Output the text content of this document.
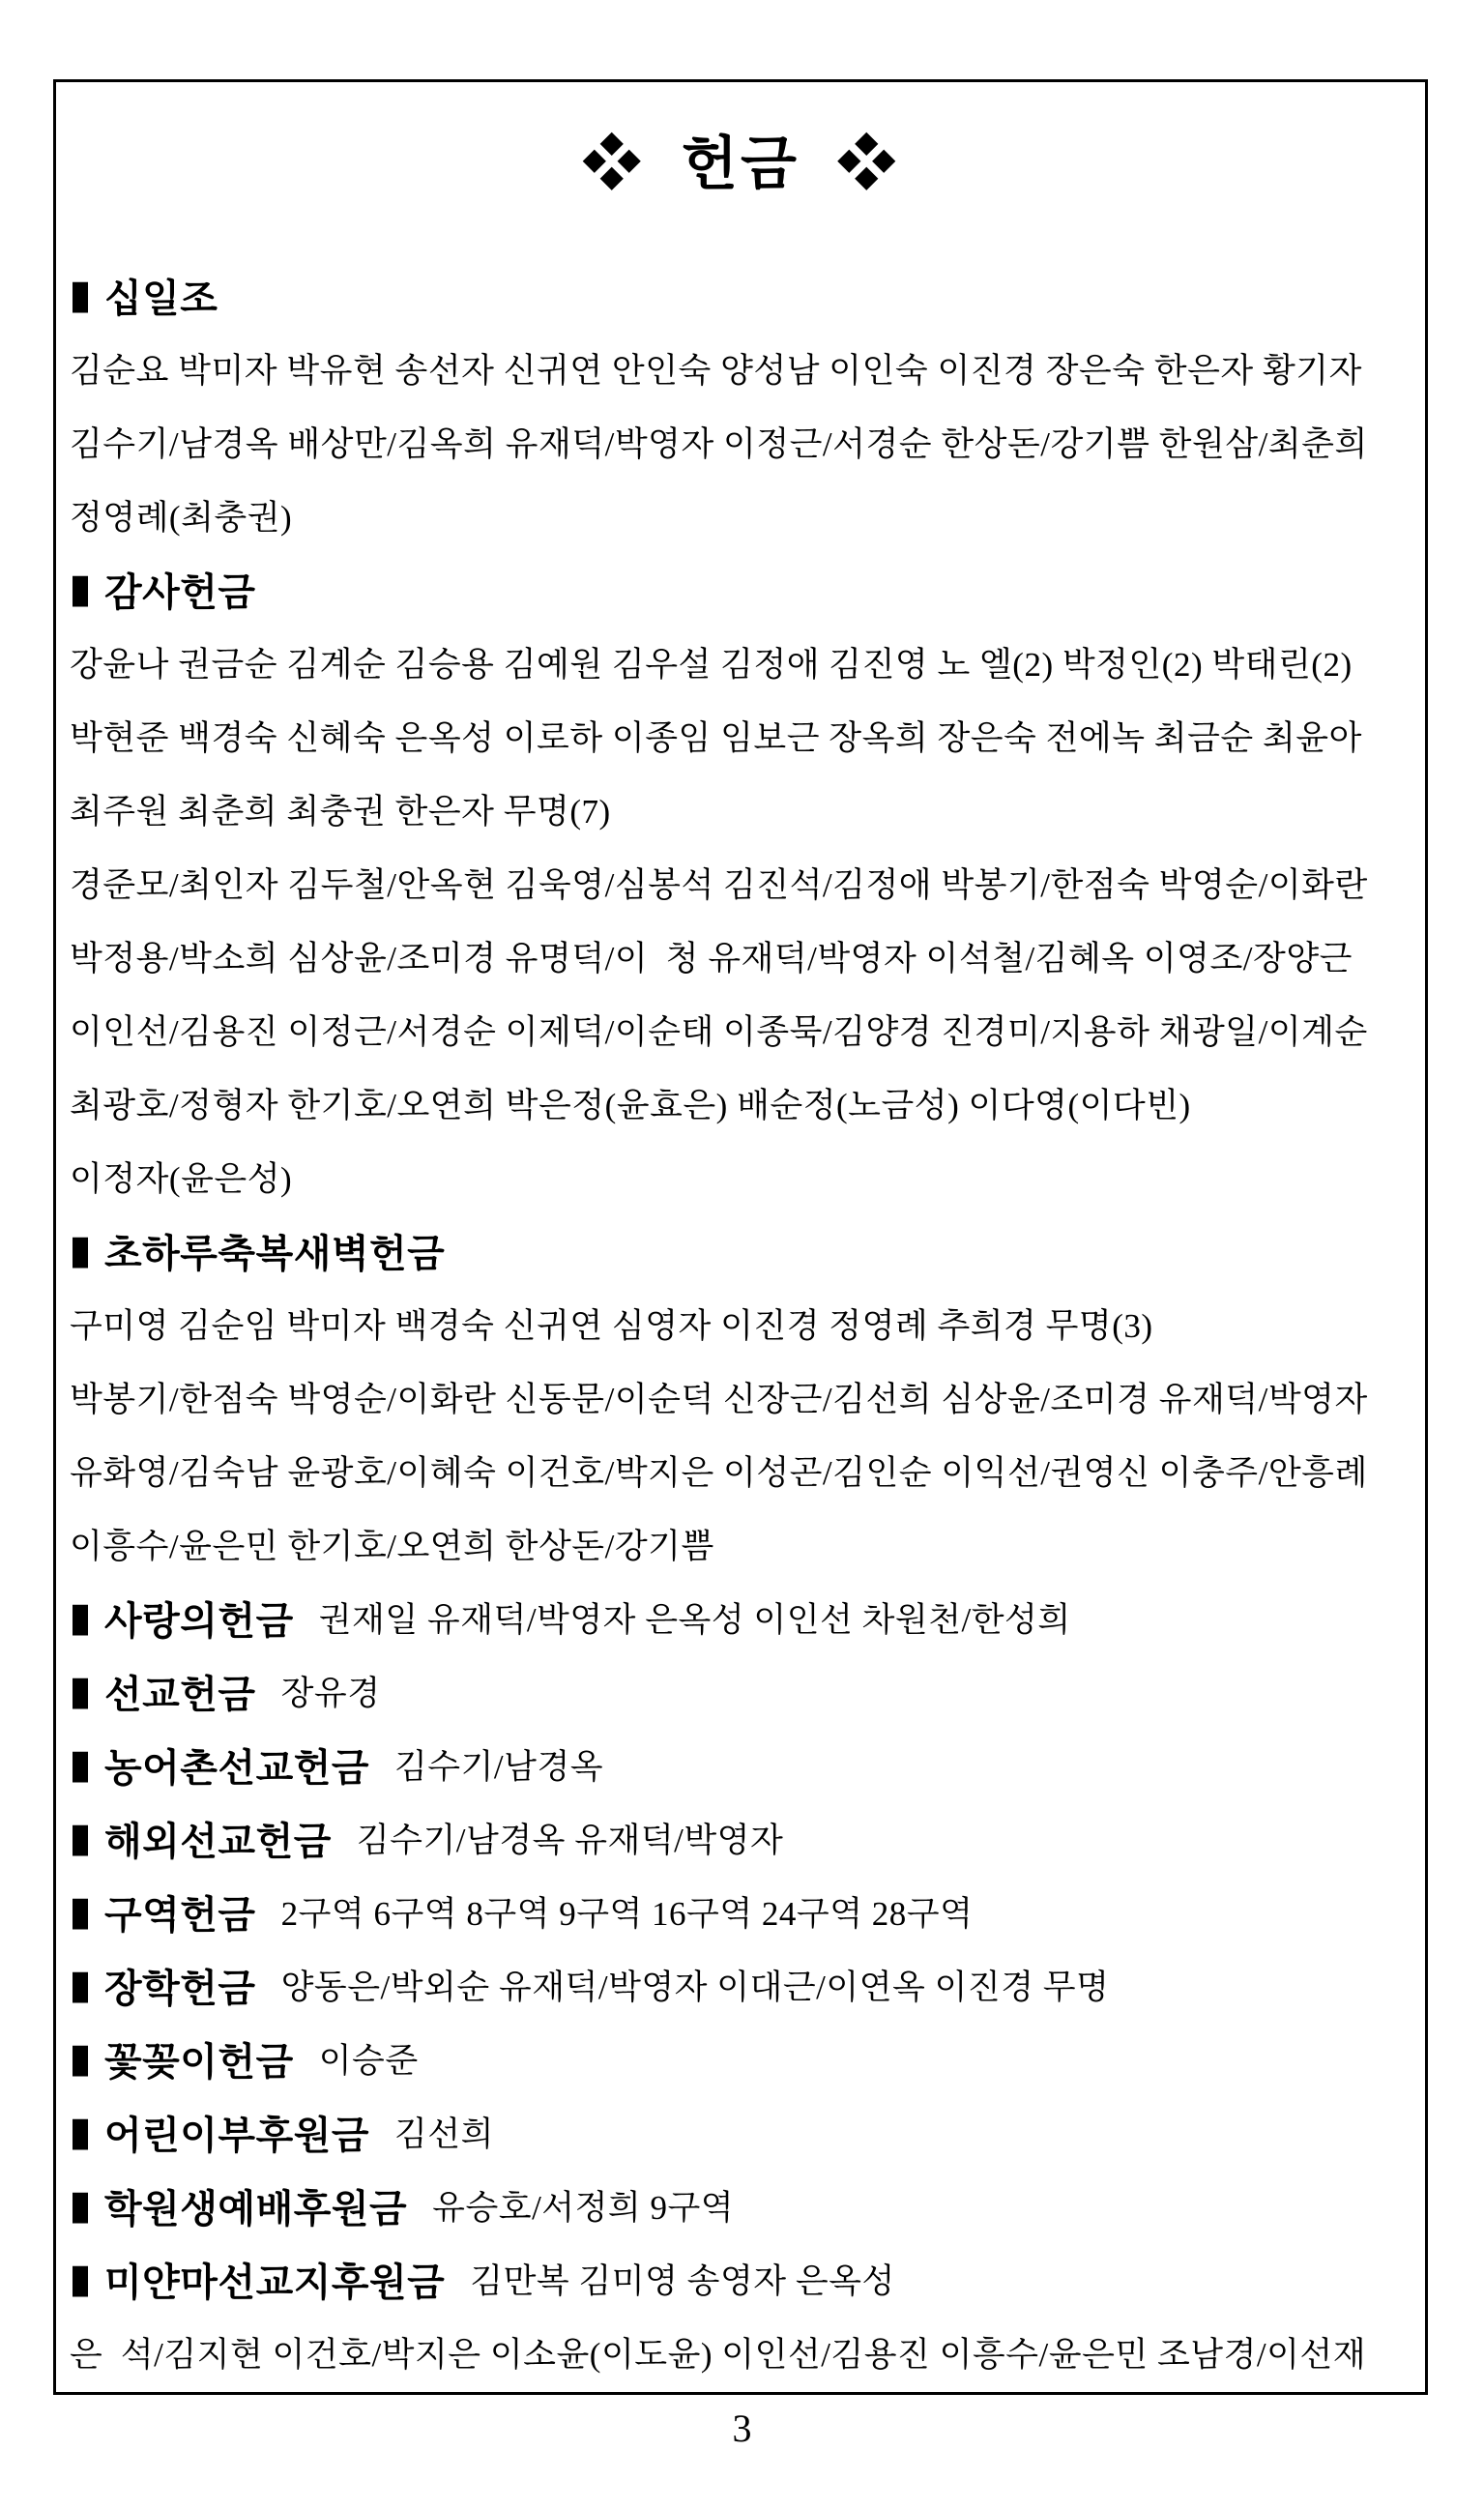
❖  헌금  ❖
▮ 십일조
김순요 박미자 박유현 송선자 신귀연 안인숙 양성남 이인숙 이진경 장은숙 한은자 황기자
김수기/남경옥 배상만/김옥희 유재덕/박영자 이정근/서경순 한상돈/강기쁨 한원삼/최춘희
정영례(최충권)
▮ 감사헌금
강윤나 권금순 김계순 김승용 김예원 김우설 김정애 김진영 노 엘(2) 박정인(2) 박태린(2)
박현준 백경숙 신혜숙 은옥성 이로하 이종임 임보근 장옥희 장은숙 전에녹 최금순 최윤아
최주원 최춘희 최충권 한은자 무명(7)
경준모/최인자 김두철/안옥현 김욱영/심봉석 김진석/김정애 박봉기/한점숙 박영순/이화란
박정용/박소희 심상윤/조미경 유명덕/이  청 유재덕/박영자 이석철/김혜옥 이영조/장양근
이인선/김용진 이정근/서경순 이제덕/이순태 이종묵/김양경 진경미/지용하 채광일/이계순
최광호/정형자 한기호/오연희 박은정(윤효은) 배순정(노금성) 이다영(이다빈)
이정자(윤은성)
▮ 초하루축복새벽헌금
구미영 김순임 박미자 백경숙 신귀연 심영자 이진경 정영례 추희경 무명(3)
박봉기/한점숙 박영순/이화란 신동문/이순덕 신장근/김선희 심상윤/조미경 유재덕/박영자
유화영/김숙남 윤광호/이혜숙 이건호/박지은 이성곤/김인순 이익선/권영신 이충주/안흥례
이흥수/윤은민 한기호/오연희 한상돈/강기쁨
▮ 사랑의헌금 권재일 유재덕/박영자 은옥성 이인선 차원천/한성희
▮ 선교헌금 장유경
▮ 농어촌선교헌금 김수기/남경옥
▮ 해외선교헌금 김수기/남경옥 유재덕/박영자
▮ 구역헌금 2구역 6구역 8구역 9구역 16구역 24구역 28구역
▮ 장학헌금 양동은/박외순 유재덕/박영자 이대근/이연옥 이진경 무명
▮ 꽃꽂이헌금 이승준
▮ 어린이부후원금 김선희
▮ 학원생예배후원금 유승호/서정희 9구역
▮ 미얀마선교지후원금 김만복 김미영 송영자 은옥성
은  석/김지현 이건호/박지은 이소윤(이도윤) 이인선/김용진 이흥수/윤은민 조남경/이선재
3
